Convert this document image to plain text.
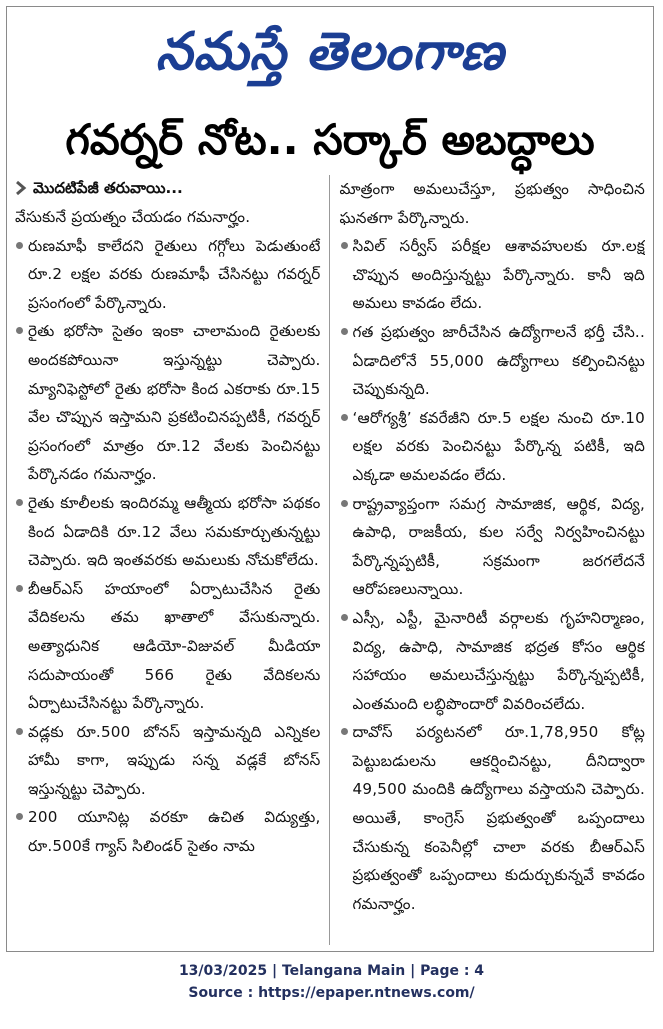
నమస్తే తెలంగాణ
గవర్నర్ నోట.. సర్కార్ అబద్ధాలు
మొదటిపేజీ తరువాయి...

వేసుకునే ప్రయత్నం చేయడం గమనార్హం.

రుణమాఫీ కాలేదని రైతులు గగ్గోలు పెడుతుంటే రూ.2 లక్షల వరకు రుణమాఫీ చేసినట్టు గవర్నర్ ప్రసంగంలో పేర్కొన్నారు.

రైతు భరోసా సైతం ఇంకా చాలామంది రైతులకు అందకపోయినా ఇస్తున్నట్టు చెప్పారు. మ్యానిఫెస్టోలో రైతు భరోసా కింద ఎకరాకు రూ.15 వేల చొప్పున ఇస్తామని ప్రకటించినప్పటికీ, గవర్నర్ ప్రసంగంలో మాత్రం రూ.12 వేలకు పెంచినట్టు పేర్కొనడం గమనార్హం.

రైతు కూలీలకు ఇందిరమ్మ ఆత్మీయ భరోసా పథకం కింద ఏడాదికి రూ.12 వేలు సమకూర్చుతున్నట్టు చెప్పారు. ఇది ఇంతవరకు అమలుకు నోచుకోలేదు.

బీఆర్ఎస్ హయాంలో ఏర్పాటుచేసిన రైతు వేదికలను తమ ఖాతాలో వేసుకున్నారు. అత్యాధునిక ఆడియో-విజువల్ మీడియా సదుపాయంతో 566 రైతు వేదికలను ఏర్పాటుచేసినట్టు పేర్కొన్నారు.

వడ్లకు రూ.500 బోనస్ ఇస్తామన్నది ఎన్నికల హామీ కాగా, ఇప్పుడు సన్న వడ్లకే బోనస్ ఇస్తున్నట్టు చెప్పారు.

200 యూనిట్ల వరకూ ఉచిత విద్యుత్తు, రూ.500కే గ్యాస్ సిలిండర్ సైతం నామ

మాత్రంగా అమలుచేస్తూ, ప్రభుత్వం సాధించిన ఘనతగా పేర్కొన్నారు.

సివిల్ సర్వీస్ పరీక్షల ఆశావహులకు రూ.లక్ష చొప్పున అందిస్తున్నట్టు పేర్కొన్నారు. కానీ ఇది అమలు కావడం లేదు.

గత ప్రభుత్వం జారీచేసిన ఉద్యోగాలనే భర్తీ చేసి.. ఏడాదిలోనే 55,000 ఉద్యోగాలు కల్పించినట్టు చెప్పుకున్నది.

‘ఆరోగ్యశ్రీ’ కవరేజీని రూ.5 లక్షల నుంచి రూ.10 లక్షల వరకు పెంచినట్టు పేర్కొన్న పటికీ, ఇది ఎక్కడా అమలవడం లేదు.

రాష్ట్రవ్యాప్తంగా సమగ్ర సామాజిక, ఆర్థిక, విద్య, ఉపాధి, రాజకీయ, కుల సర్వే నిర్వహించినట్టు పేర్కొన్నప్పటికీ, సక్రమంగా జరగలేదనే ఆరోపణలున్నాయి.

ఎస్సీ, ఎస్టీ, మైనారిటీ వర్గాలకు గృహనిర్మాణం, విద్య, ఉపాధి, సామాజిక భద్రత కోసం ఆర్థిక సహాయం అమలుచేస్తున్నట్టు పేర్కొన్నప్పటికీ, ఎంతమంది లబ్ధిపొందారో వివరించలేదు.

దావోస్ పర్యటనలో రూ.1,78,950 కోట్ల పెట్టుబడులను ఆకర్షించినట్టు, దీనిద్వారా 49,500 మందికి ఉద్యోగాలు వస్తాయని చెప్పారు. అయితే, కాంగ్రెస్ ప్రభుత్వంతో ఒప్పందాలు చేసుకున్న కంపెనీల్లో చాలా వరకు బీఆర్ఎస్ ప్రభుత్వంతో ఒప్పందాలు కుదుర్చుకున్నవే కావడం గమనార్హం.

13/03/2025 | Telangana Main | Page : 4
Source : https://epaper.ntnews.com/
